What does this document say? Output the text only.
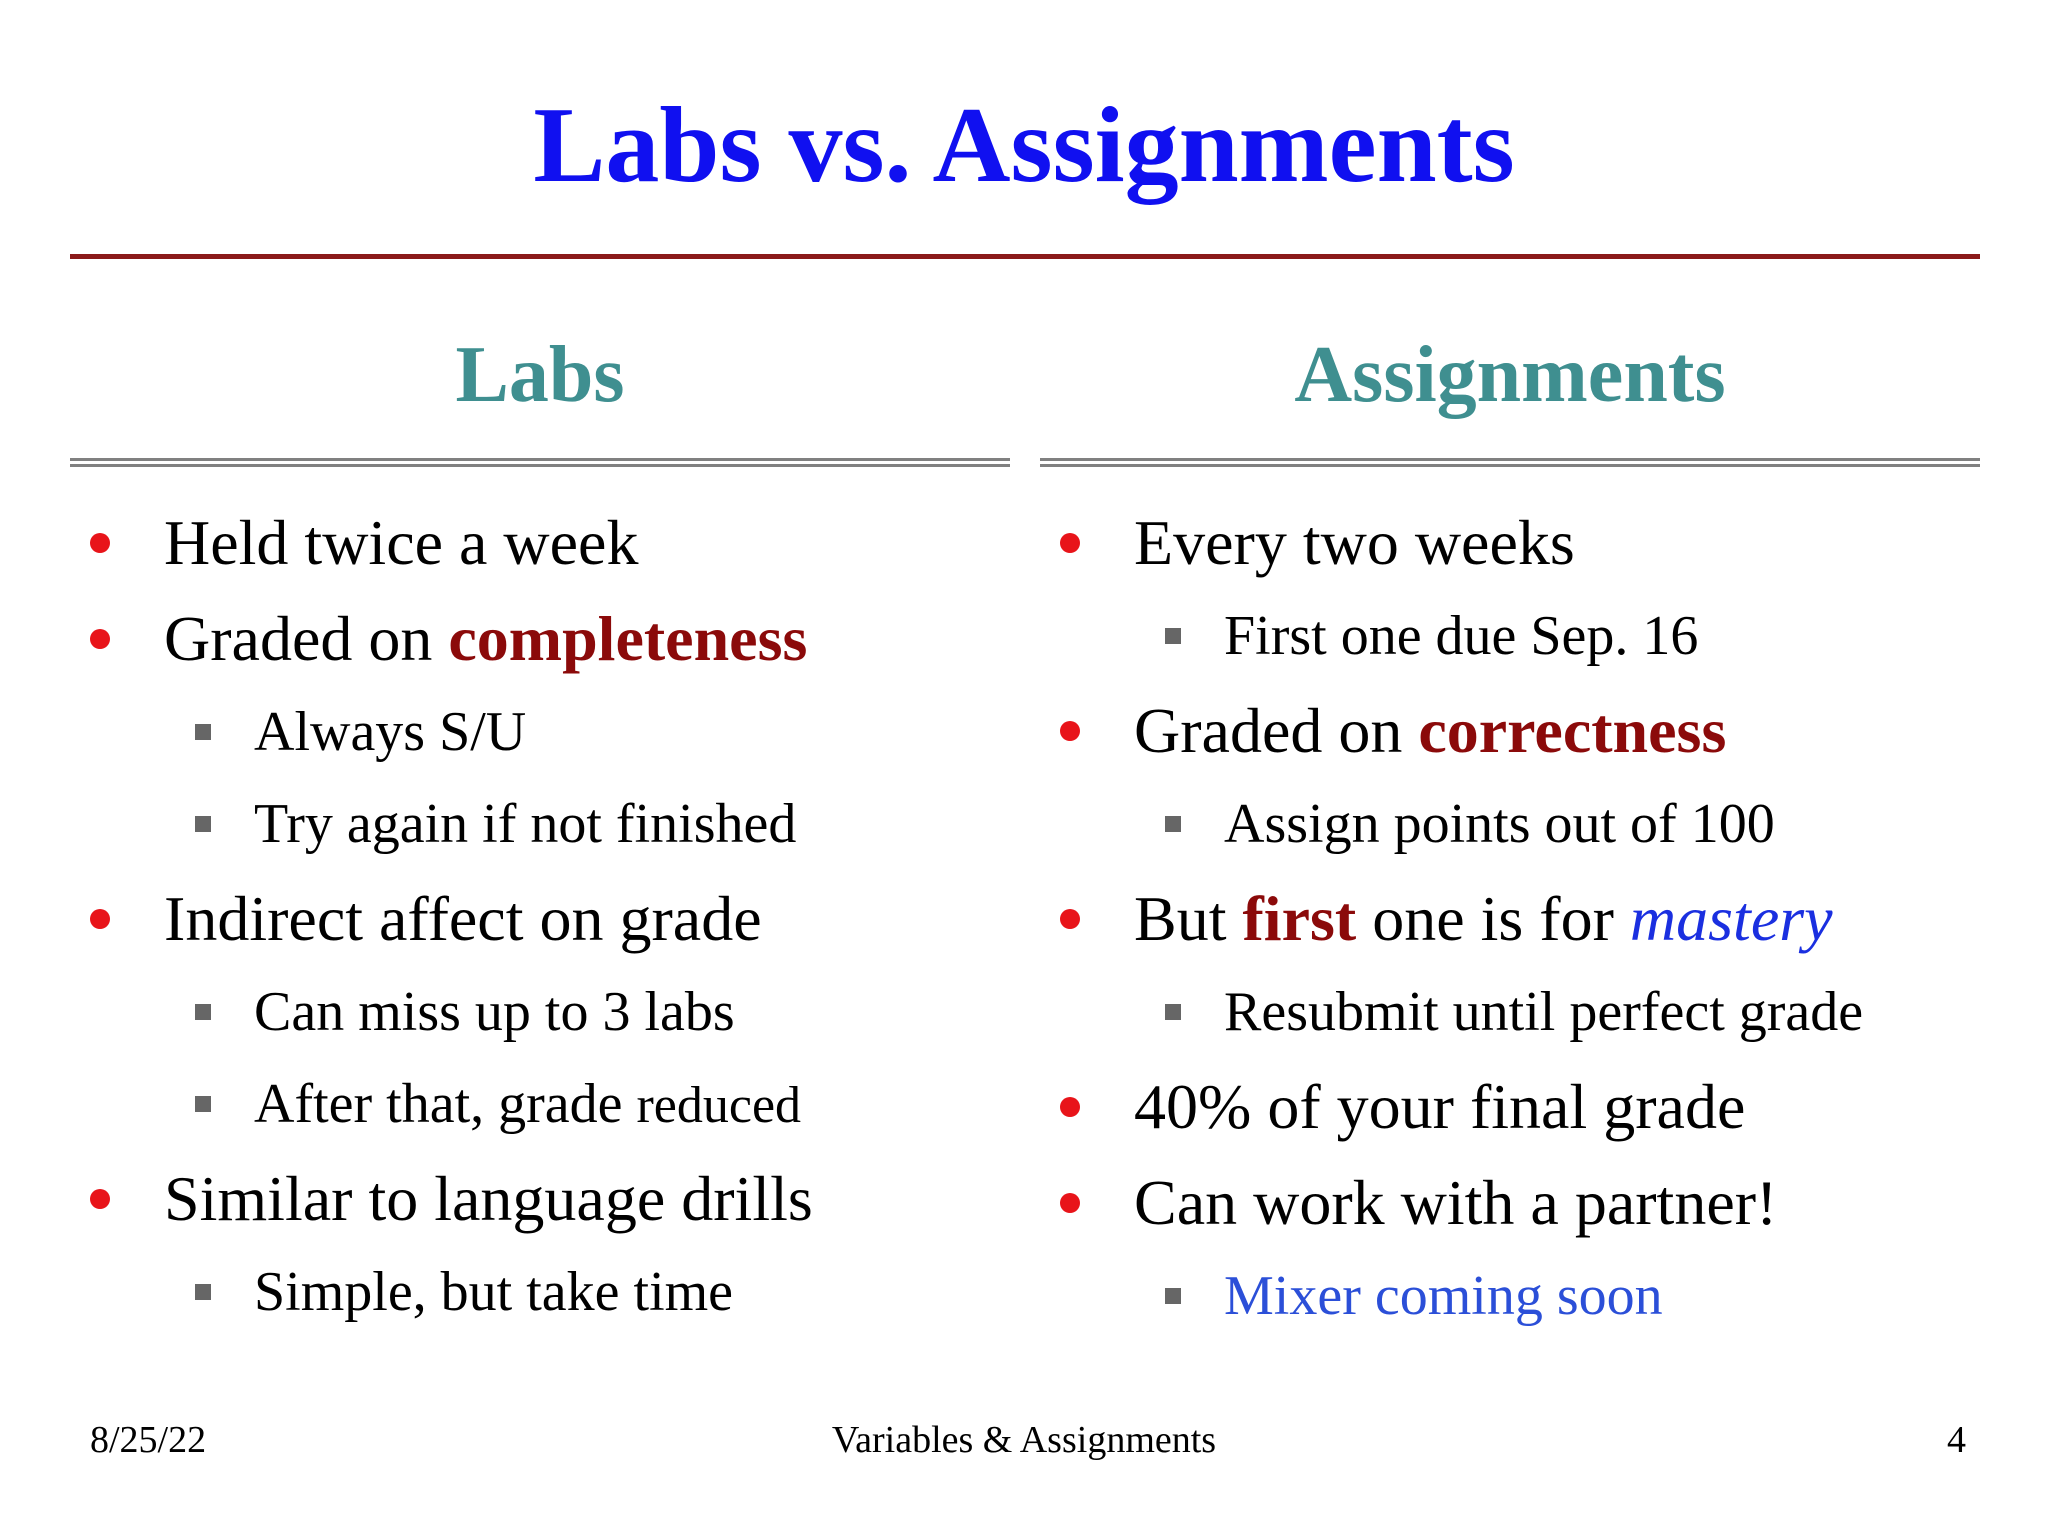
Labs vs. Assignments
Labs
Held twice a week
Graded on completeness
Always S/U
Try again if not finished
Indirect affect on grade
Can miss up to 3 labs
After that, grade reduced
Similar to language drills
Simple, but take time
Assignments
Every two weeks
First one due Sep. 16
Graded on correctness
Assign points out of 100
But first one is for mastery
Resubmit until perfect grade
40% of your final grade
Can work with a partner!
Mixer coming soon
8/25/22	Variables & Assignments	4
